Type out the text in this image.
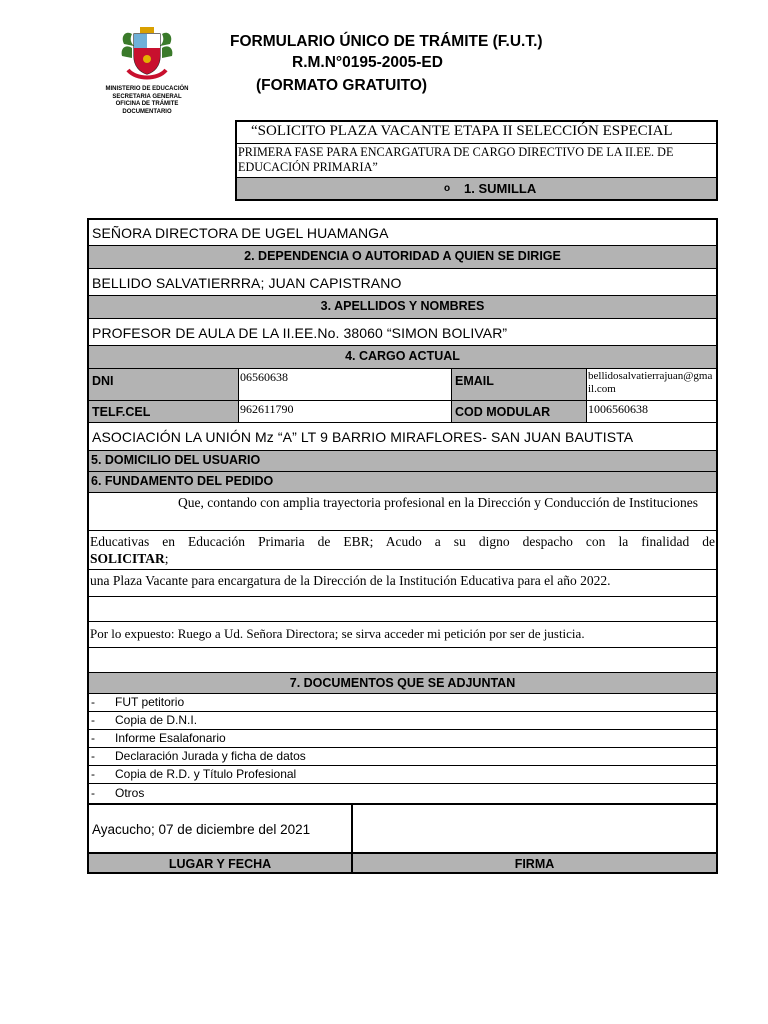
MINISTERIO DE EDUCACIÓN
SECRETARIA GENERAL
OFICINA DE TRÁMITE
DOCUMENTARIO
FORMULARIO ÚNICO DE TRÁMITE (F.U.T.)
R.M.N°0195-2005-ED
(FORMATO GRATUITO)
“SOLICITO PLAZA VACANTE ETAPA II SELECCIÓN ESPECIAL
PRIMERA FASE PARA ENCARGATURA DE CARGO DIRECTIVO DE LA II.EE. DE EDUCACIÓN PRIMARIA”
o 1. SUMILLA
SEÑORA DIRECTORA DE UGEL HUAMANGA
2. DEPENDENCIA O AUTORIDAD A QUIEN SE DIRIGE
BELLIDO SALVATIERRRA; JUAN CAPISTRANO
3. APELLIDOS Y NOMBRES
PROFESOR DE AULA DE LA II.EE.No. 38060 “SIMON BOLIVAR”
4. CARGO ACTUAL
DNI	06560638	EMAIL	bellidosalvatierrajuan@gmail.com
TELF.CEL	962611790	COD MODULAR	1006560638
ASOCIACIÓN LA UNIÓN Mz “A” LT 9 BARRIO MIRAFLORES- SAN JUAN BAUTISTA
5. DOMICILIO DEL USUARIO
6. FUNDAMENTO DEL PEDIDO
Que, contando con amplia trayectoria profesional en la Dirección y Conducción de Instituciones
Educativas en Educación Primaria de EBR; Acudo a su digno despacho con la finalidad de
SOLICITAR;
una Plaza Vacante para encargatura de la Dirección de la Institución Educativa para el año 2022.
Por lo expuesto: Ruego a Ud. Señora Directora; se sirva acceder mi petición por ser de justicia.
7. DOCUMENTOS QUE SE ADJUNTAN
- FUT petitorio
- Copia de D.N.I.
- Informe Esalafonario
- Declaración Jurada y ficha de datos
- Copia de R.D. y Título Profesional
- Otros
Ayacucho; 07 de diciembre del 2021
LUGAR Y FECHA	FIRMA
